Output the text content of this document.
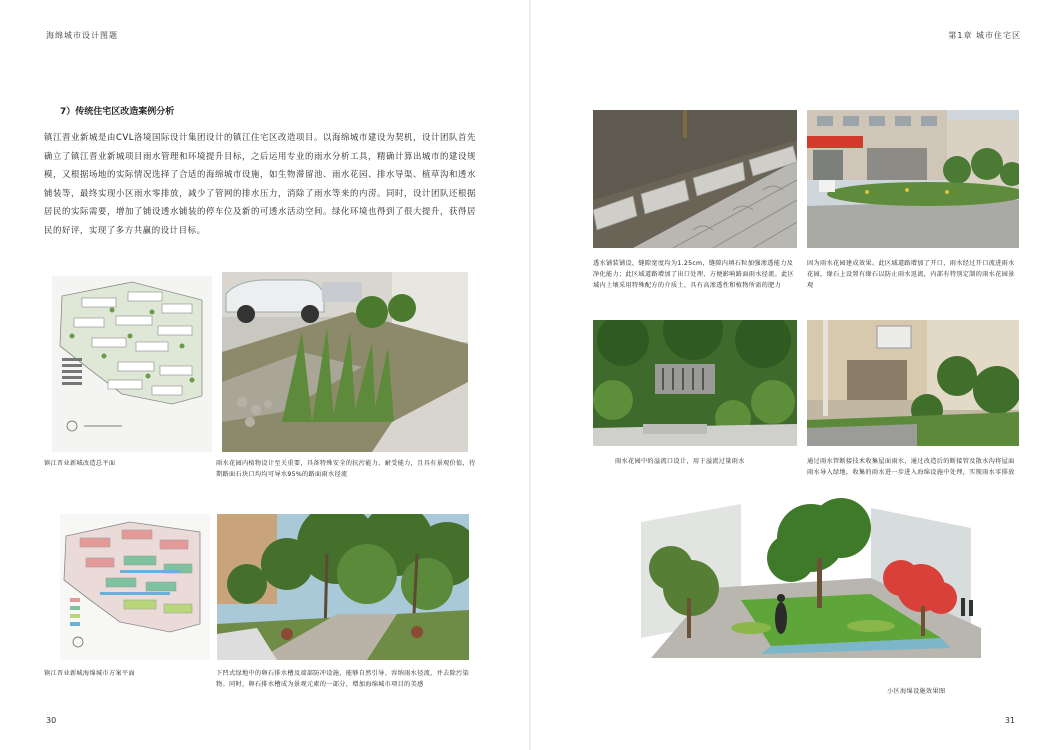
海绵城市设计图题
7）传统住宅区改造案例分析
镇江晋业新城是由CVL洛境国际设计集团设计的镇江住宅区改造项目。以海绵城市建设为契机，设计团队首先确立了镇江晋业新城项目雨水管理和环境提升目标，之后运用专业的雨水分析工具，精确计算出城市的建设规模，又根据场地的实际情况选择了合适的海绵城市设施，如生物滞留池、雨水花园、排水导渠、植草沟和透水铺装等，最终实现小区雨水零排放，减少了管网的排水压力，消除了雨水等来的内涝。同时，设计团队还根据居民的实际需要，增加了铺设透水铺装的停车位及新的可透水活动空间。绿化环境也得到了很大提升，获得居民的好评，实现了多方共赢的设计目标。
镇江晋业新城改造总平面	雨水花园内植物设计至关重要，具备特殊安全的抗污能力、耐受能力，且具有景观价值，待期路面石块口均均可导水95%的路面雨水径流
镇江晋业新城海绵城市方案平面	下凹式绿地中的卵石排水槽及端部防冲设施，能够自然引导、容纳雨水径流，并去除污染物。同时，卵石排水槽成为景观元素的一部分，增加海绵城市项目的美感
30
第1章 城市住宅区
透水铺装铺设，缝隙宽度均为1.25cm，缝隙内填石粒加强渗透能力及净化能力；此区域道路增加了出口处理，方便影响路面雨水径流。此区域内土壤采用特殊配方的介质土，具有高渗透性和植物所需的肥力
固为雨水花园建成效果。此区域道路增加了开口，雨水经过开口流进雨水花园，缘石上设置有缘石以防止雨水返流，内部有特别定制的雨水花园景观
雨水花园中的溢流口设计，用于溢流过量雨水	通过雨水管断接技术收集屋面雨水，通过改造后的断接管及散水沟将屋面雨水导入绿地，收集的雨水进一步进入海绵设施中处理，实现雨水零排放
小区海绵设施效果图
31
